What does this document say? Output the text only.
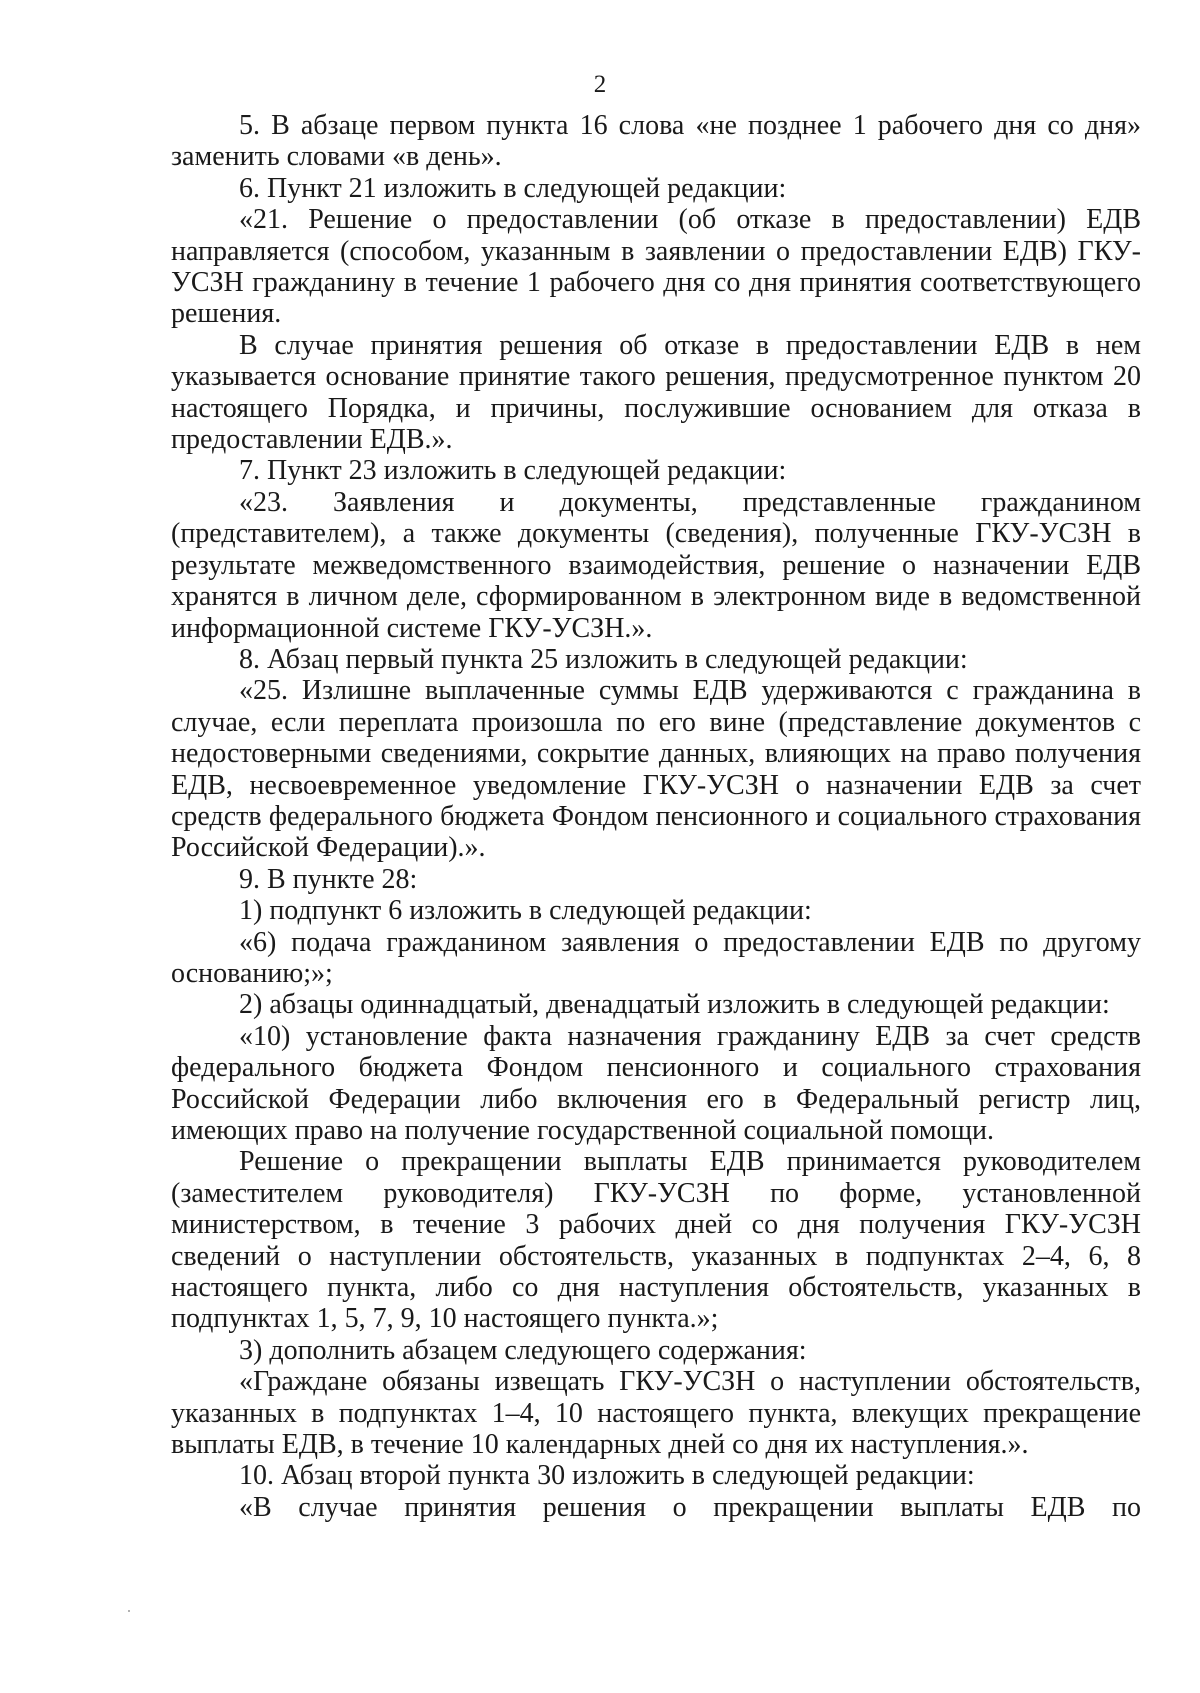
2

5. В абзаце первом пункта 16 слова «не позднее 1 рабочего дня со дня» заменить словами «в день».

6. Пункт 21 изложить в следующей редакции:

«21. Решение о предоставлении (об отказе в предоставлении) ЕДВ направляется (способом, указанным в заявлении о предоставлении ЕДВ) ГКУ-УСЗН гражданину в течение 1 рабочего дня со дня принятия соответствующего решения.

В случае принятия решения об отказе в предоставлении ЕДВ в нем указывается основание принятие такого решения, предусмотренное пунктом 20 настоящего Порядка, и причины, послужившие основанием для отказа в предоставлении ЕДВ.».

7. Пункт 23 изложить в следующей редакции:

«23. Заявления и документы, представленные гражданином (представителем), а также документы (сведения), полученные ГКУ-УСЗН в результате межведомственного взаимодействия, решение о назначении ЕДВ хранятся в личном деле, сформированном в электронном виде в ведомственной информационной системе ГКУ-УСЗН.».

8. Абзац первый пункта 25 изложить в следующей редакции:

«25. Излишне выплаченные суммы ЕДВ удерживаются с гражданина в случае, если переплата произошла по его вине (представление документов с недостоверными сведениями, сокрытие данных, влияющих на право получения ЕДВ, несвоевременное уведомление ГКУ-УСЗН о назначении ЕДВ за счет средств федерального бюджета Фондом пенсионного и социального страхования Российской Федерации).».

9. В пункте 28:

1) подпункт 6 изложить в следующей редакции:

«6) подача гражданином заявления о предоставлении ЕДВ по другому основанию;»;

2) абзацы одиннадцатый, двенадцатый изложить в следующей редакции:

«10) установление факта назначения гражданину ЕДВ за счет средств федерального бюджета Фондом пенсионного и социального страхования Российской Федерации либо включения его в Федеральный регистр лиц, имеющих право на получение государственной социальной помощи.

Решение о прекращении выплаты ЕДВ принимается руководителем (заместителем руководителя) ГКУ-УСЗН по форме, установленной министерством, в течение 3 рабочих дней со дня получения ГКУ-УСЗН сведений о наступлении обстоятельств, указанных в подпунктах 2–4, 6, 8 настоящего пункта, либо со дня наступления обстоятельств, указанных в подпунктах 1, 5, 7, 9, 10 настоящего пункта.»;

3) дополнить абзацем следующего содержания:

«Граждане обязаны извещать ГКУ-УСЗН о наступлении обстоятельств, указанных в подпунктах 1–4, 10 настоящего пункта, влекущих прекращение выплаты ЕДВ, в течение 10 календарных дней со дня их наступления.».

10. Абзац второй пункта 30 изложить в следующей редакции:

«В случае принятия решения о прекращении выплаты ЕДВ по
